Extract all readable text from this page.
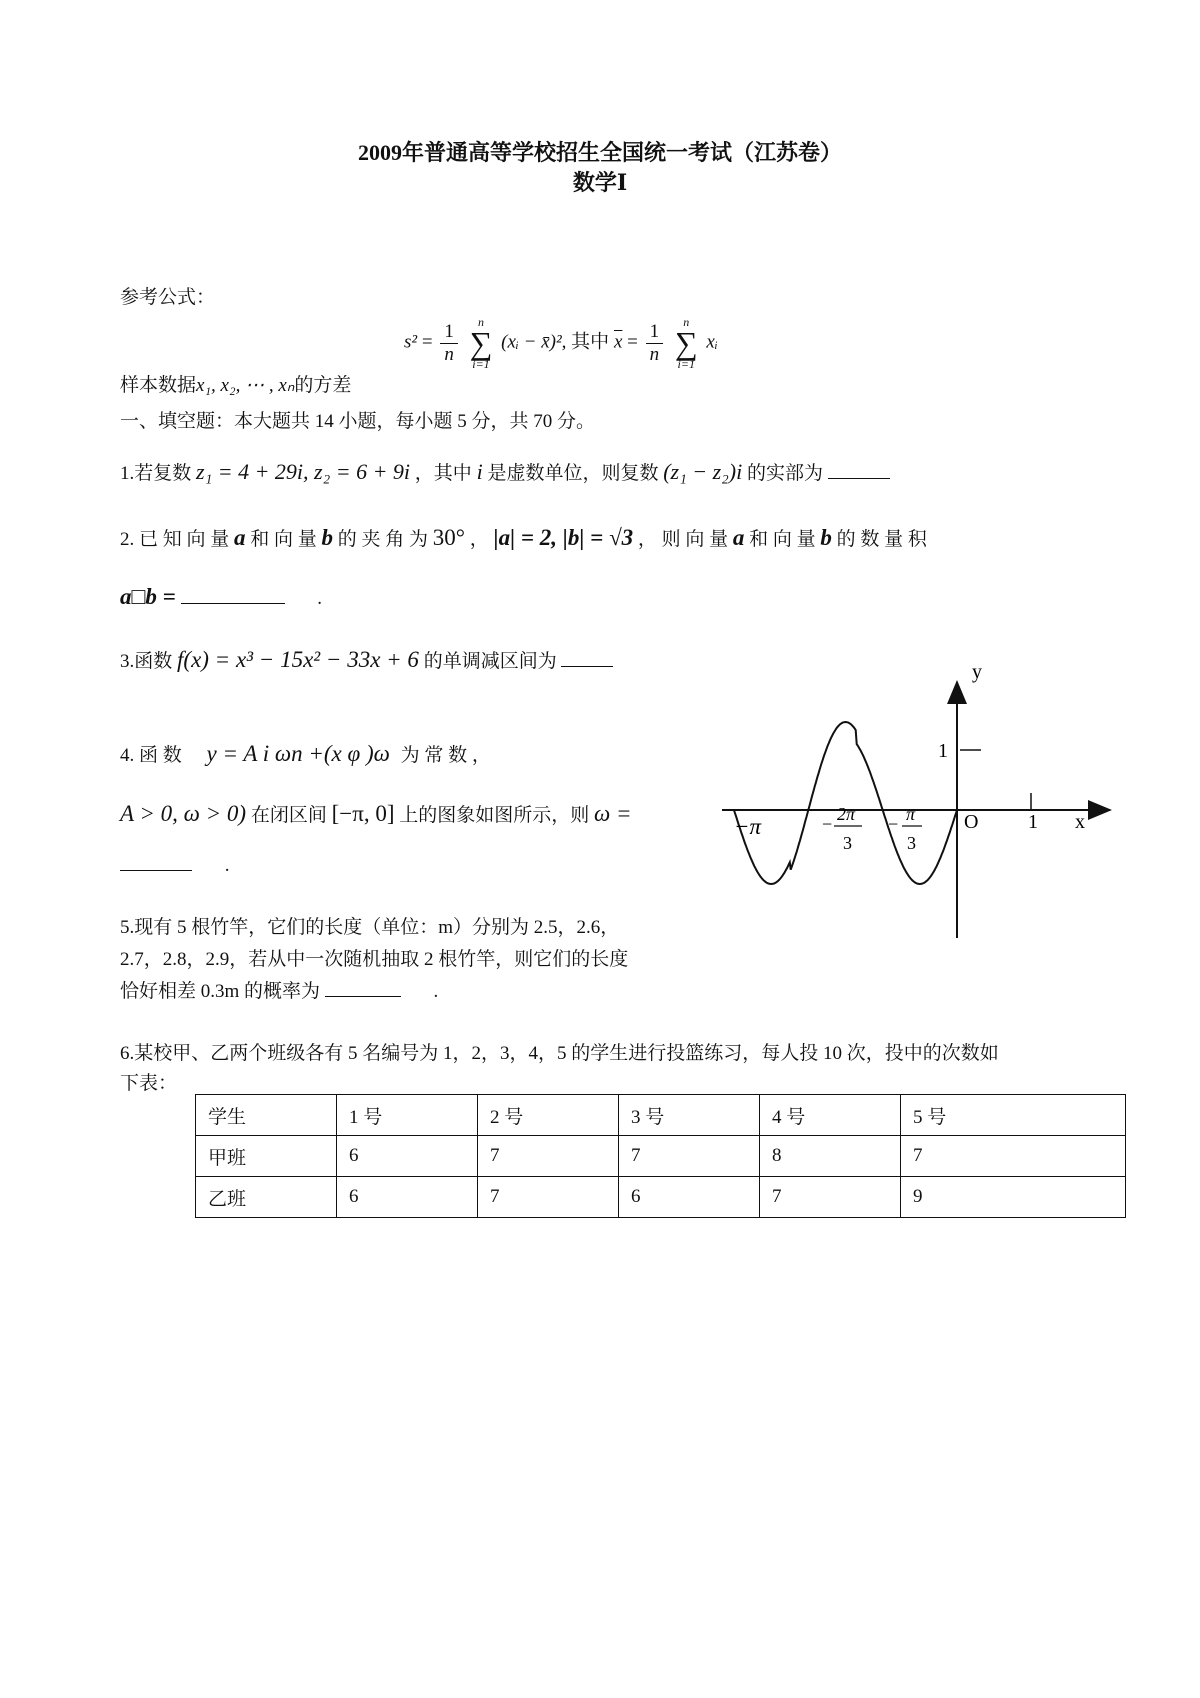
2009年普通高等学校招生全国统一考试（江苏卷）
数学Ⅰ
参考公式：
$s^2 = \frac{1}{n}$
	n
∑
i=1
(xᵢ − x̄)², 其中 $\overline{x} = \frac{1}{n}$
	n
∑
i=1
xᵢ
样本数据x₁, x₂, ⋯ , xₙ的方差
一、填空题：本大题共 14 小题，每小题 5 分，共 70 分。
1.若复数 z₁ = 4 + 29i, z₂ = 6 + 9i ，其中 i 是虚数单位，则复数 (z₁ − z₂)i 的实部为
2. 已 知 向 量 a 和 向 量 b 的 夹 角 为 30° ， |a| = 2, |b| = √3 ， 则 向 量 a 和 向 量 b 的 数 量 积
a□b =	.
3.函数 f(x) = x³ − 15x² − 33x + 6 的单调减区间为
4. 函 数 y = A i ωn +(x φ )ω 为 常 数 ，
A > 0, ω > 0) 在闭区间 [−π, 0] 上的图象如图所示，则 ω =
.
y
x
O
1
1
−π	− 2π
3
− π
3
5.现有 5 根竹竿，它们的长度（单位：m）分别为 2.5，2.6，
2.7，2.8，2.9，若从中一次随机抽取 2 根竹竿，则它们的长度
恰好相差 0.3m 的概率为	.
6.某校甲、乙两个班级各有 5 名编号为 1，2，3，4，5 的学生进行投篮练习，每人投 10 次，投中的次数如
下表：
学生	1 号	2 号	3 号	4 号	5 号
甲班	6	7	7	8	7
乙班	6	7	6	7	9
